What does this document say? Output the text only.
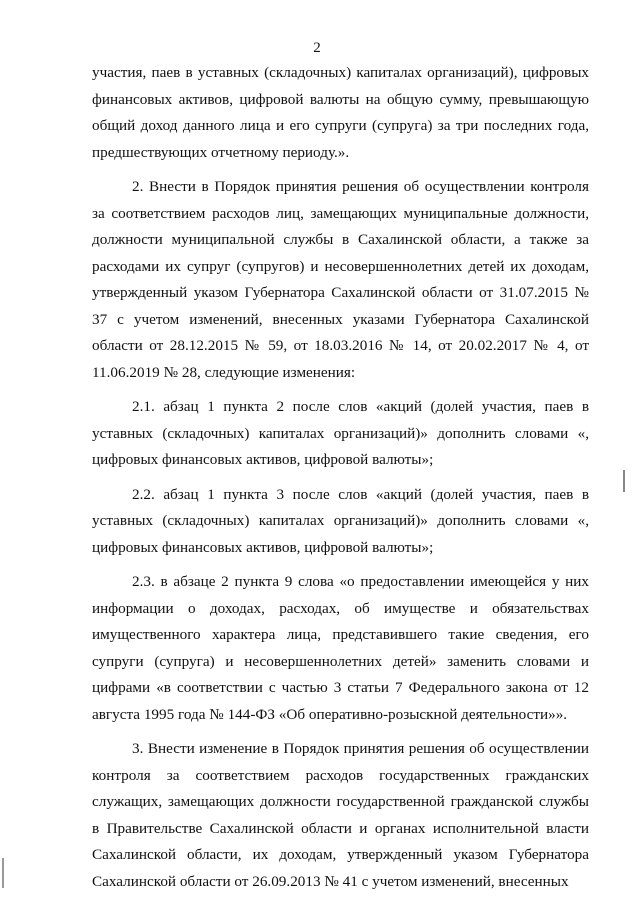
2

участия, паев в уставных (складочных) капиталах организаций), цифровых финансовых активов, цифровой валюты на общую сумму, превышающую общий доход данного лица и его супруги (супруга) за три последних года, предшествующих отчетному периоду.».

2. Внести в Порядок принятия решения об осуществлении контроля за соответствием расходов лиц, замещающих муниципальные должности, должности муниципальной службы в Сахалинской области, а также за расходами их супруг (супругов) и несовершеннолетних детей их доходам, утвержденный указом Губернатора Сахалинской области от 31.07.2015 № 37 с учетом изменений, внесенных указами Губернатора Сахалинской области от 28.12.2015 № 59, от 18.03.2016 № 14, от 20.02.2017 № 4, от 11.06.2019 № 28, следующие изменения:

2.1. абзац 1 пункта 2 после слов «акций (долей участия, паев в уставных (складочных) капиталах организаций)» дополнить словами «, цифровых финансовых активов, цифровой валюты»;

2.2. абзац 1 пункта 3 после слов «акций (долей участия, паев в уставных (складочных) капиталах организаций)» дополнить словами «, цифровых финансовых активов, цифровой валюты»;

2.3. в абзаце 2 пункта 9 слова «о предоставлении имеющейся у них информации о доходах, расходах, об имуществе и обязательствах имущественного характера лица, представившего такие сведения, его супруги (супруга) и несовершеннолетних детей» заменить словами и цифрами «в соответствии с частью 3 статьи 7 Федерального закона от 12 августа 1995 года № 144-ФЗ «Об оперативно-розыскной деятельности»».

3. Внести изменение в Порядок принятия решения об осуществлении контроля за соответствием расходов государственных гражданских служащих, замещающих должности государственной гражданской службы в Правительстве Сахалинской области и органах исполнительной власти Сахалинской области, их доходам, утвержденный указом Губернатора Сахалинской области от 26.09.2013 № 41 с учетом изменений, внесенных
